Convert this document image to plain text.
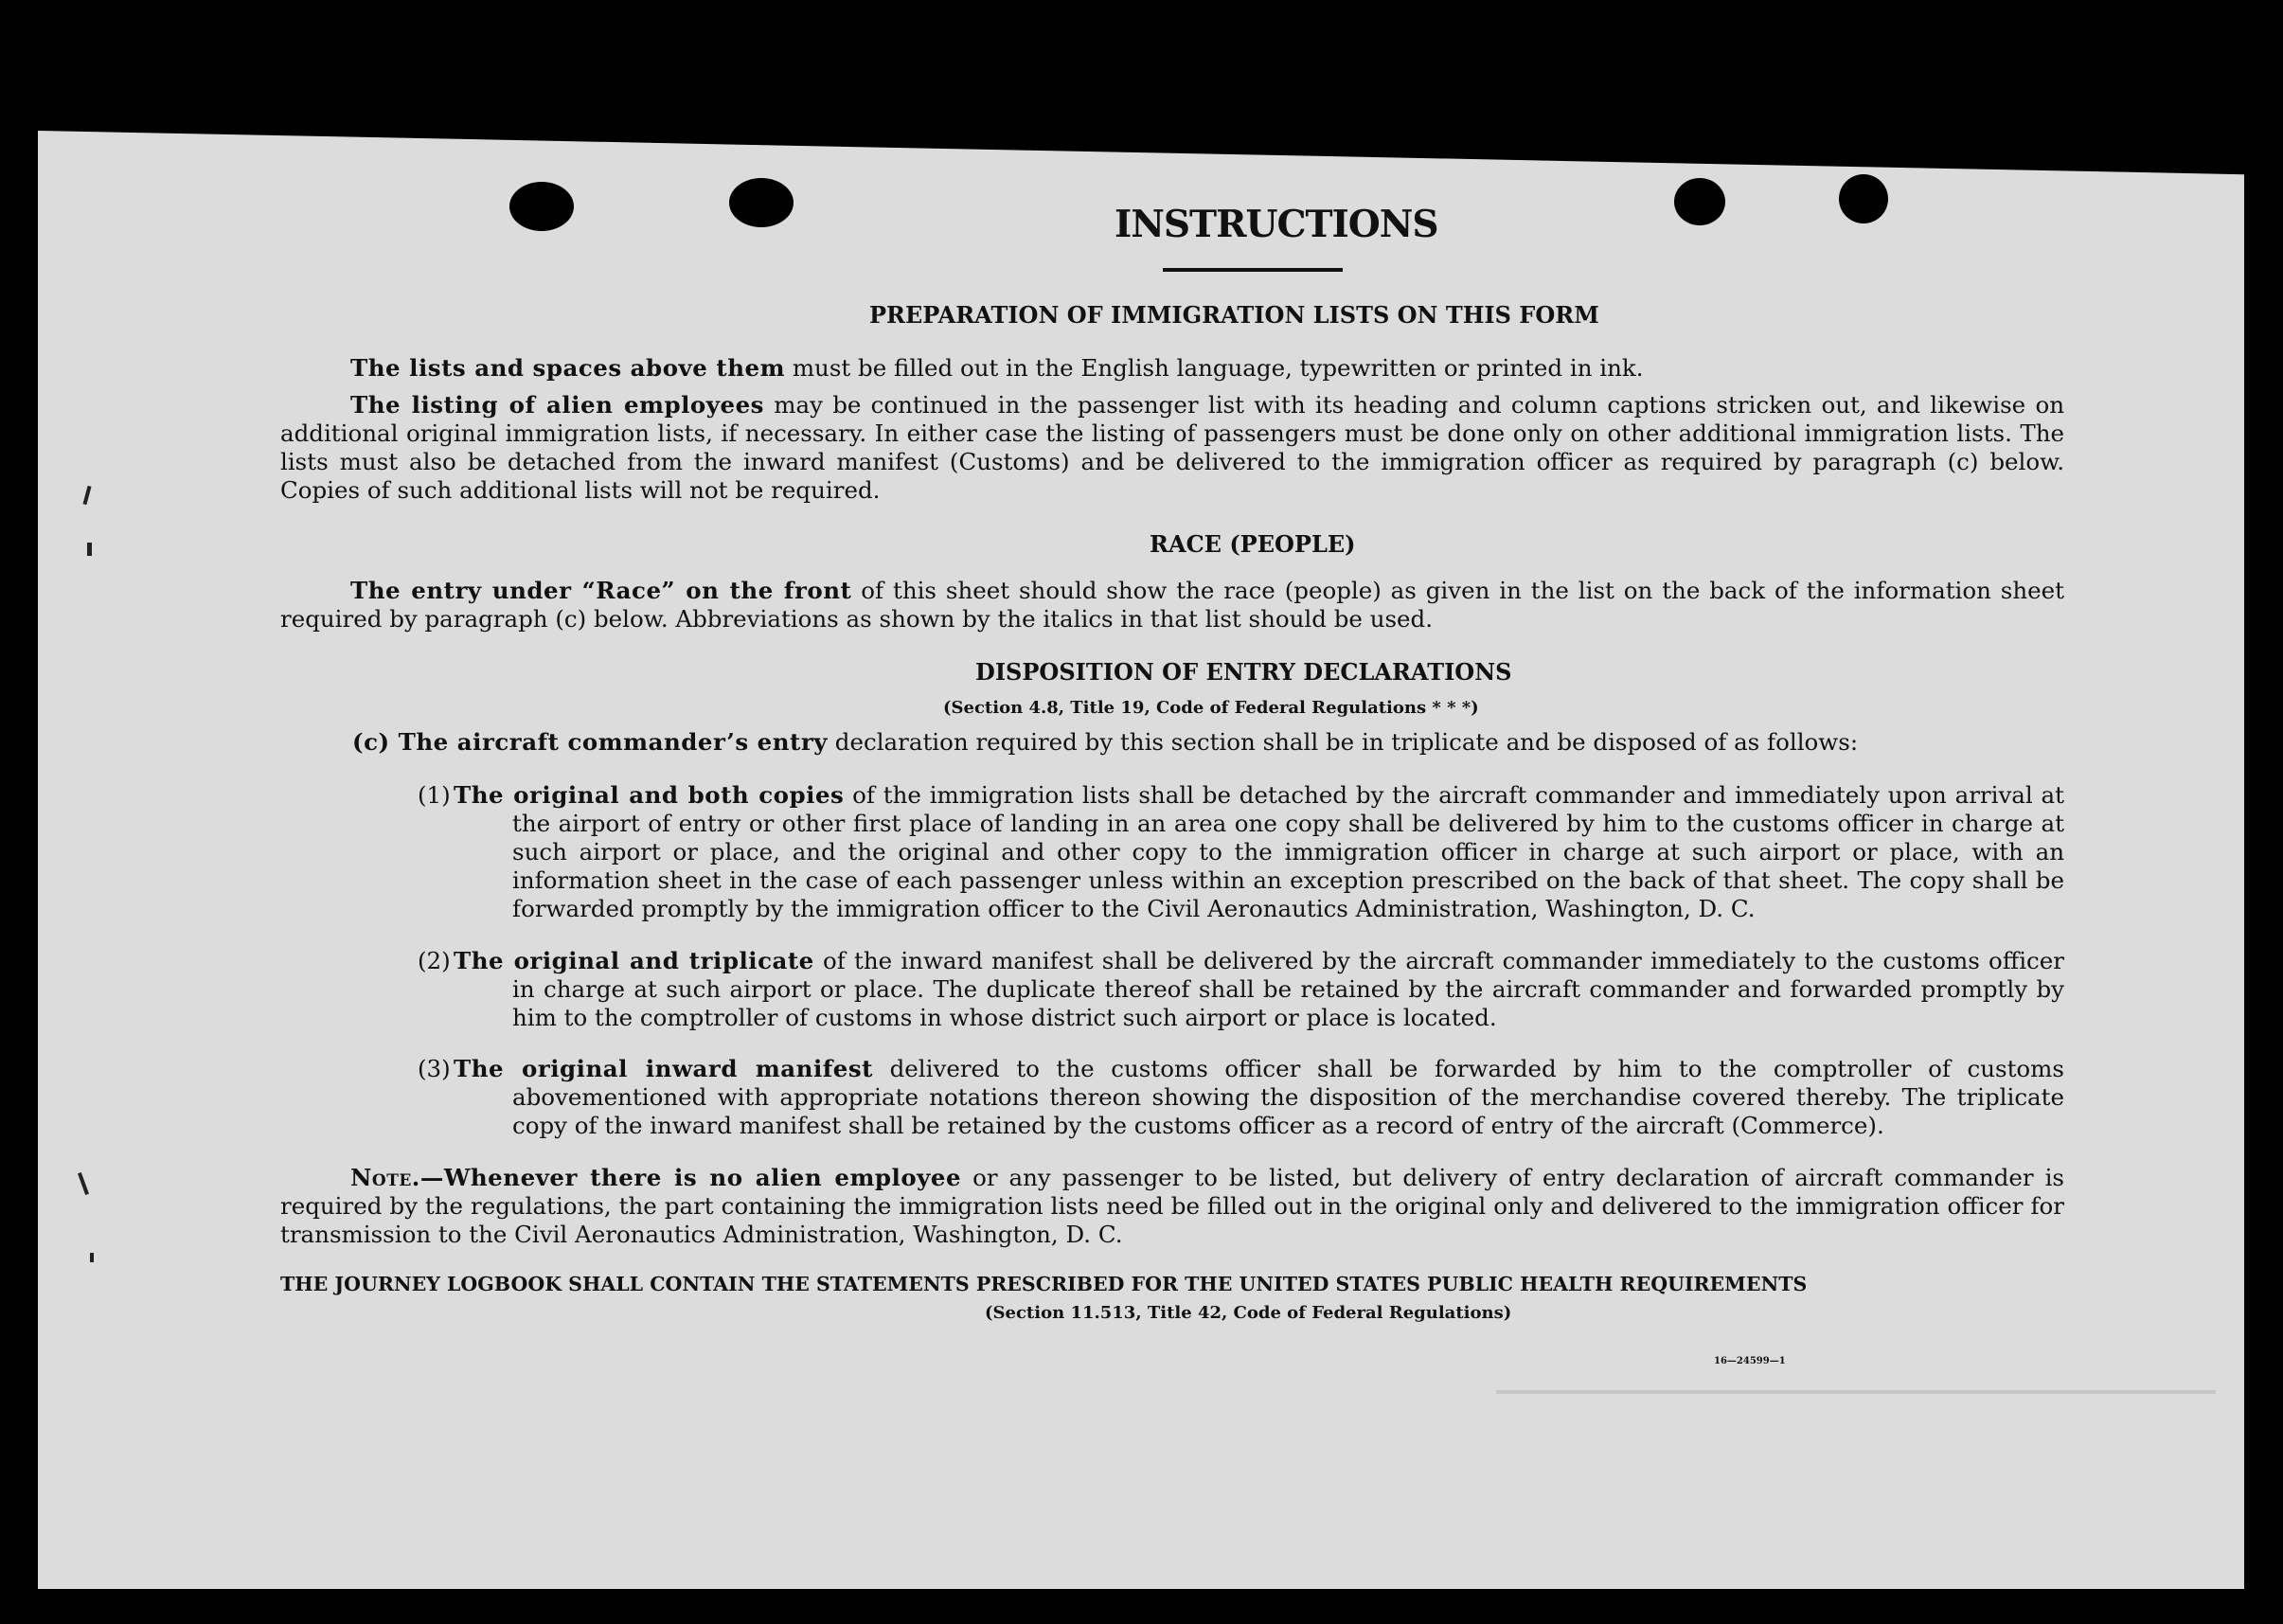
INSTRUCTIONS
PREPARATION OF IMMIGRATION LISTS ON THIS FORM
The lists and spaces above them must be filled out in the English language, typewritten or printed in ink.
The listing of alien employees may be continued in the passenger list with its heading and column captions stricken out, and likewise on additional original immigration lists, if necessary. In either case the listing of passengers must be done only on other additional immigration lists. The lists must also be detached from the inward manifest (Customs) and be delivered to the immigration officer as required by paragraph (c) below. Copies of such additional lists will not be required.
RACE (PEOPLE)
The entry under “Race” on the front of this sheet should show the race (people) as given in the list on the back of the information sheet required by paragraph (c) below. Abbreviations as shown by the italics in that list should be used.
DISPOSITION OF ENTRY DECLARATIONS
(Section 4.8, Title 19, Code of Federal Regulations * * *)
(c) The aircraft commander’s entry declaration required by this section shall be in triplicate and be disposed of as follows:
(1) The original and both copies of the immigration lists shall be detached by the aircraft commander and immediately upon arrival at the airport of entry or other first place of landing in an area one copy shall be delivered by him to the customs officer in charge at such airport or place, and the original and other copy to the immigration officer in charge at such airport or place, with an information sheet in the case of each passenger unless within an exception prescribed on the back of that sheet. The copy shall be forwarded promptly by the immigration officer to the Civil Aeronautics Administration, Washington, D. C.
(2) The original and triplicate of the inward manifest shall be delivered by the aircraft commander immediately to the customs officer in charge at such airport or place. The duplicate thereof shall be retained by the aircraft commander and forwarded promptly by him to the comptroller of customs in whose district such airport or place is located.
(3) The original inward manifest delivered to the customs officer shall be forwarded by him to the comptroller of customs abovementioned with appropriate notations thereon showing the disposition of the merchandise covered thereby. The triplicate copy of the inward manifest shall be retained by the customs officer as a record of entry of the aircraft (Commerce).
Note.—Whenever there is no alien employee or any passenger to be listed, but delivery of entry declaration of aircraft commander is required by the regulations, the part containing the immigration lists need be filled out in the original only and delivered to the immigration officer for transmission to the Civil Aeronautics Administration, Washington, D. C.
THE JOURNEY LOGBOOK SHALL CONTAIN THE STATEMENTS PRESCRIBED FOR THE UNITED STATES PUBLIC HEALTH REQUIREMENTS
(Section 11.513, Title 42, Code of Federal Regulations)
16—24599—1
